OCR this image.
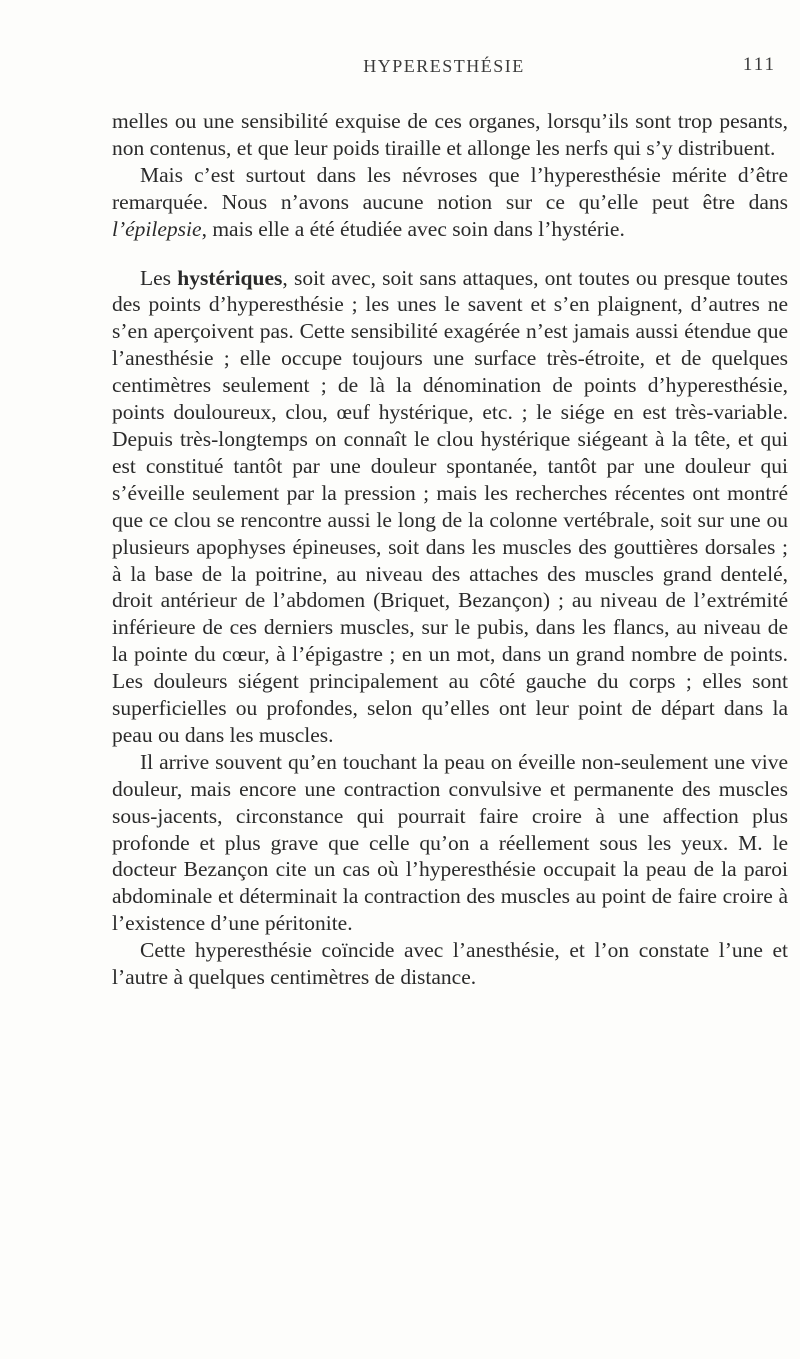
HYPERESTHÉSIE	111

melles ou une sensibilité exquise de ces organes, lorsqu’ils sont trop pesants, non contenus, et que leur poids tiraille et allonge les nerfs qui s’y distribuent.

Mais c’est surtout dans les névroses que l’hyperesthésie mérite d’être remarquée. Nous n’avons aucune notion sur ce qu’elle peut être dans l’épilepsie, mais elle a été étudiée avec soin dans l’hystérie.

Les hystériques, soit avec, soit sans attaques, ont toutes ou presque toutes des points d’hyperesthésie ; les unes le savent et s’en plaignent, d’autres ne s’en aperçoivent pas. Cette sensibilité exagérée n’est jamais aussi étendue que l’anesthésie ; elle occupe toujours une surface très-étroite, et de quelques centimètres seulement ; de là la dénomination de points d’hyperesthésie, points douloureux, clou, œuf hystérique, etc. ; le siége en est très-variable. Depuis très-longtemps on connaît le clou hystérique siégeant à la tête, et qui est constitué tantôt par une douleur spontanée, tantôt par une douleur qui s’éveille seulement par la pression ; mais les recherches récentes ont montré que ce clou se rencontre aussi le long de la colonne vertébrale, soit sur une ou plusieurs apophyses épineuses, soit dans les muscles des gouttières dorsales ; à la base de la poitrine, au niveau des attaches des muscles grand dentelé, droit antérieur de l’abdomen (Briquet, Bezançon) ; au niveau de l’extrémité inférieure de ces derniers muscles, sur le pubis, dans les flancs, au niveau de la pointe du cœur, à l’épigastre ; en un mot, dans un grand nombre de points. Les douleurs siégent principalement au côté gauche du corps ; elles sont superficielles ou profondes, selon qu’elles ont leur point de départ dans la peau ou dans les muscles.

Il arrive souvent qu’en touchant la peau on éveille non-seulement une vive douleur, mais encore une contraction convulsive et permanente des muscles sous-jacents, circonstance qui pourrait faire croire à une affection plus profonde et plus grave que celle qu’on a réellement sous les yeux. M. le docteur Bezançon cite un cas où l’hyperesthésie occupait la peau de la paroi abdominale et déterminait la contraction des muscles au point de faire croire à l’existence d’une péritonite.

Cette hyperesthésie coïncide avec l’anesthésie, et l’on constate l’une et l’autre à quelques centimètres de distance.
